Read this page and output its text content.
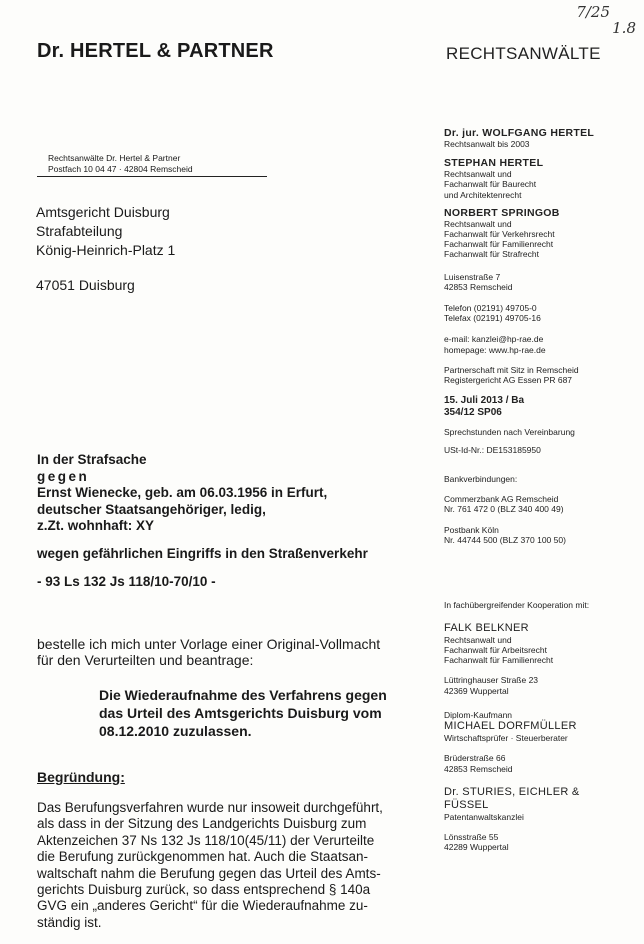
7/25
1.8
Dr. HERTEL & PARTNER	RECHTSANWÄLTE
Rechtsanwälte Dr. Hertel & Partner
Postfach 10 04 47 · 42804 Remscheid
Amtsgericht Duisburg
Strafabteilung
König-Heinrich-Platz 1
47051 Duisburg
In der Strafsache
gegen
Ernst Wienecke, geb. am 06.03.1956 in Erfurt,
deutscher Staatsangehöriger, ledig,
z.Zt. wohnhaft: XY
wegen gefährlichen Eingriffs in den Straßenverkehr
- 93 Ls 132 Js 118/10-70/10 -
bestelle ich mich unter Vorlage einer Original-Vollmacht
für den Verurteilten und beantrage:
Die Wiederaufnahme des Verfahrens gegen
das Urteil des Amtsgerichts Duisburg vom
08.12.2010 zuzulassen.
Begründung:
Das Berufungsverfahren wurde nur insoweit durchgeführt,
als dass in der Sitzung des Landgerichts Duisburg zum
Aktenzeichen 37 Ns 132 Js 118/10(45/11) der Verurteilte
die Berufung zurückgenommen hat. Auch die Staatsan-
waltschaft nahm die Berufung gegen das Urteil des Amts-
gerichts Duisburg zurück, so dass entsprechend § 140a
GVG ein „anderes Gericht“ für die Wiederaufnahme zu-
ständig ist.
Dr. jur. WOLFGANG HERTEL
Rechtsanwalt bis 2003
STEPHAN HERTEL
Rechtsanwalt und
Fachanwalt für Baurecht
und Architektenrecht
NORBERT SPRINGOB
Rechtsanwalt und
Fachanwalt für Verkehrsrecht
Fachanwalt für Familienrecht
Fachanwalt für Strafrecht
Luisenstraße 7
42853 Remscheid
Telefon (02191) 49705-0
Telefax (02191) 49705-16
e-mail: kanzlei@hp-rae.de
homepage: www.hp-rae.de
Partnerschaft mit Sitz in Remscheid
Registergericht AG Essen PR 687
15. Juli 2013 / Ba
354/12 SP06
Sprechstunden nach Vereinbarung
USt-Id-Nr.: DE153185950
Bankverbindungen:
Commerzbank AG Remscheid
Nr. 761 472 0 (BLZ 340 400 49)
Postbank Köln
Nr. 44744 500 (BLZ 370 100 50)
In fachübergreifender Kooperation mit:
FALK BELKNER
Rechtsanwalt und
Fachanwalt für Arbeitsrecht
Fachanwalt für Familienrecht
Lüttringhauser Straße 23
42369 Wuppertal
Diplom-Kaufmann
MICHAEL DORFMÜLLER
Wirtschaftsprüfer · Steuerberater
Brüderstraße 66
42853 Remscheid
Dr. STURIES, EICHLER &
FÜSSEL
Patentanwaltskanzlei
Lönsstraße 55
42289 Wuppertal
